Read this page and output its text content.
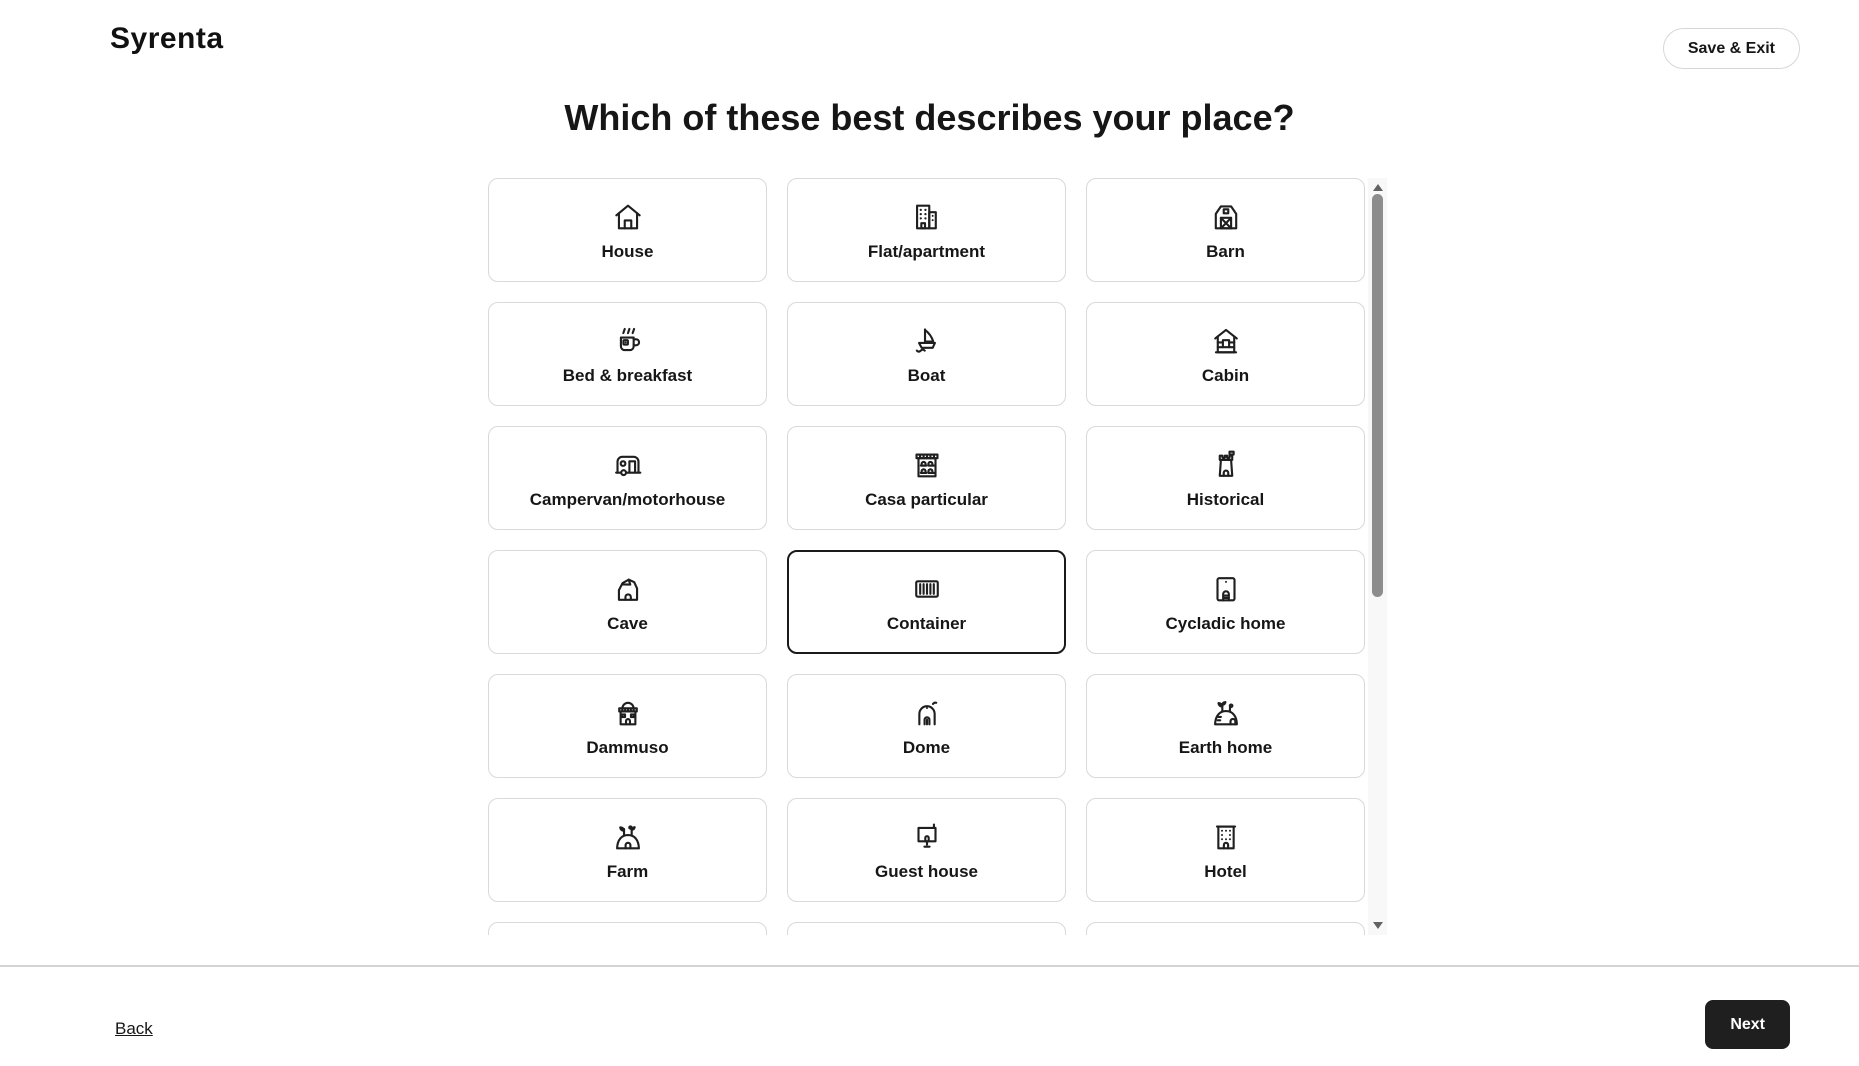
Syrenta	Save & Exit
Which of these best describes your place?
House	Flat/apartment	Barn
Bed & breakfast	Boat	Cabin
Campervan/motorhouse	Casa particular	Historical
Cave	Container	Cycladic home
Dammuso	Dome	Earth home
Farm	Guest house	Hotel
Back	Next
